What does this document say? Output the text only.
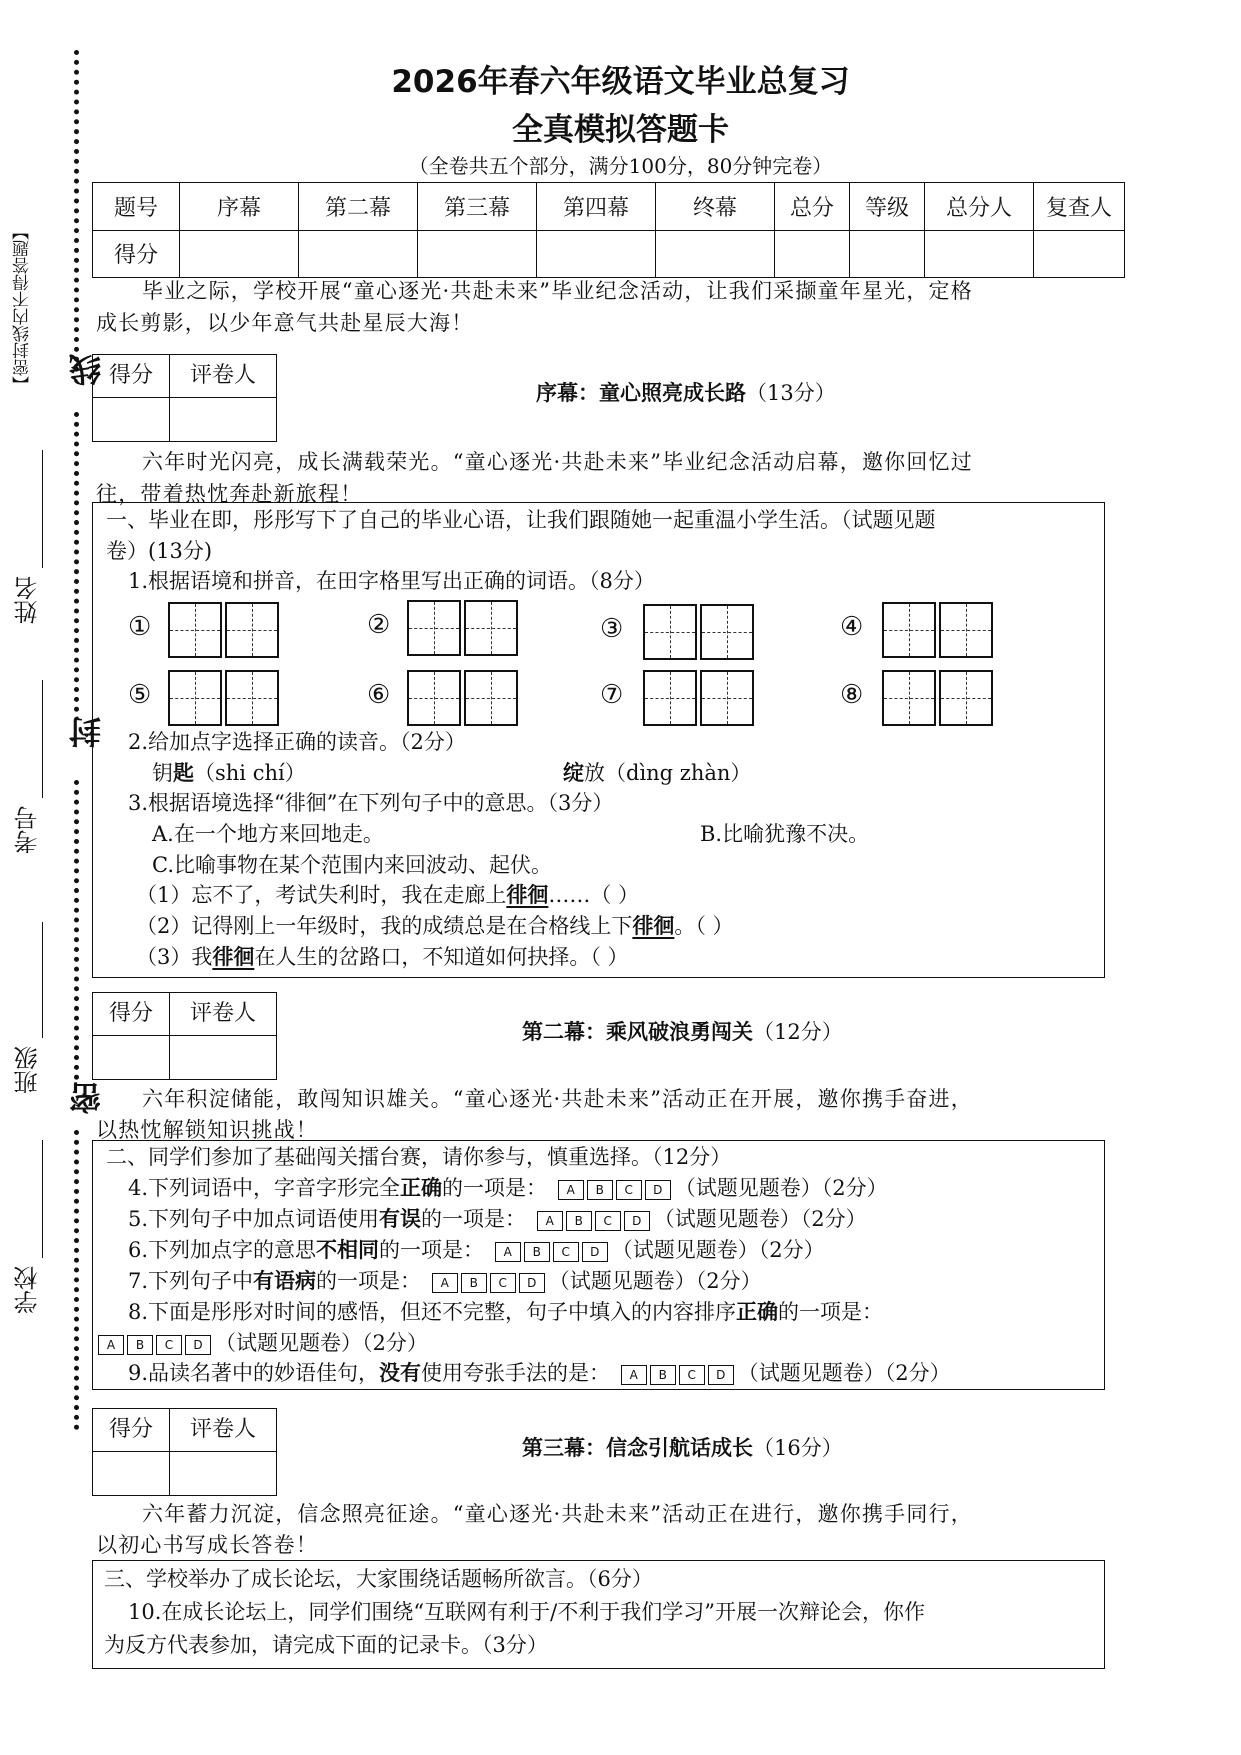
线
封
密
【密封线内不得答题】
姓名
考号
班级
学校
2026年春六年级语文毕业总复习
全真模拟答题卡
（全卷共五个部分，满分100分，80分钟完卷）
题号	序幕	第二幕	第三幕	第四幕	终幕	总分	等级	总分人	复查人
得分									
毕业之际，学校开展“童心逐光·共赴未来”毕业纪念活动，让我们采撷童年星光，定格
成长剪影，以少年意气共赴星辰大海！
得分	评卷人
序幕：童心照亮成长路（13分）
六年时光闪亮，成长满载荣光。“童心逐光·共赴未来”毕业纪念活动启幕，邀你回忆过
往，带着热忱奔赴新旅程！
一、毕业在即，彤彤写下了自己的毕业心语，让我们跟随她一起重温小学生活。（试题见题
卷）(13分)
1.根据语境和拼音，在田字格里写出正确的词语。（8分）
①	②	③	④
⑤	⑥	⑦	⑧
2.给加点字选择正确的读音。（2分）
钥匙（shi chí）	绽放（dìng zhàn）
3.根据语境选择“徘徊”在下列句子中的意思。（3分）
A.在一个地方来回地走。	B.比喻犹豫不决。
C.比喻事物在某个范围内来回波动、起伏。
（1）忘不了，考试失利时，我在走廊上徘徊……（ ）
（2）记得刚上一年级时，我的成绩总是在合格线上下徘徊。（ ）
（3）我徘徊在人生的岔路口，不知道如何抉择。（ ）
得分	评卷人
第二幕：乘风破浪勇闯关（12分）
六年积淀储能，敢闯知识雄关。“童心逐光·共赴未来”活动正在开展，邀你携手奋进，
以热忱解锁知识挑战！
二、同学们参加了基础闯关擂台赛，请你参与，慎重选择。（12分）
4.下列词语中，字音字形完全正确的一项是：	A	B	C	D （试题见题卷）（2分）
5.下列句子中加点词语使用有误的一项是：	A	B	C	D （试题见题卷）（2分）
6.下列加点字的意思不相同的一项是：	A	B	C	D （试题见题卷）（2分）
7.下列句子中有语病的一项是：	A	B	C	D （试题见题卷）（2分）
8.下面是彤彤对时间的感悟，但还不完整，句子中填入的内容排序正确的一项是：
A	B	C	D （试题见题卷）（2分）
9.品读名著中的妙语佳句，没有使用夸张手法的是：	A	B	C	D （试题见题卷）（2分）
得分	评卷人
第三幕：信念引航话成长（16分）
六年蓄力沉淀，信念照亮征途。“童心逐光·共赴未来”活动正在进行，邀你携手同行，
以初心书写成长答卷！
三、学校举办了成长论坛，大家围绕话题畅所欲言。（6分）
10.在成长论坛上，同学们围绕“互联网有利于/不利于我们学习”开展一次辩论会，你作
为反方代表参加，请完成下面的记录卡。（3分）
